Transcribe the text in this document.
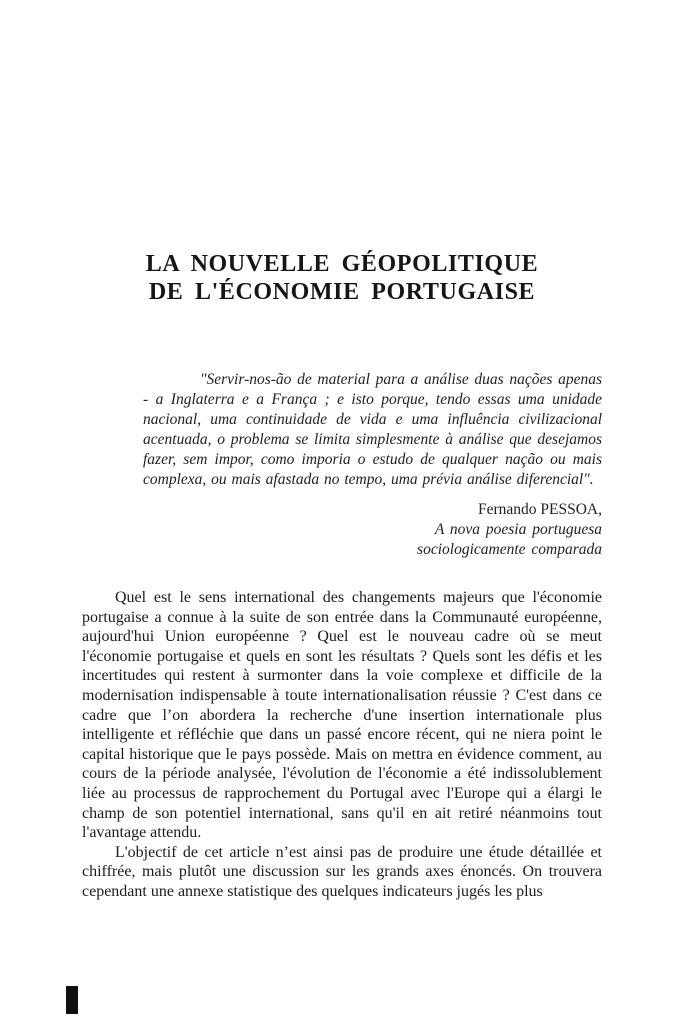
LA NOUVELLE GÉOPOLITIQUE
DE L'ÉCONOMIE PORTUGAISE

"Servir-nos-ão de material para a análise duas nações apenas - a Inglaterra e a França ; e isto porque, tendo essas uma unidade nacional, uma continuidade de vida e uma influência civilizacional acentuada, o problema se limita simplesmente à análise que desejamos fazer, sem impor, como imporia o estudo de qualquer nação ou mais complexa, ou mais afastada no tempo, uma prévia análise diferencial".

Fernando PESSOA,
A nova poesia portuguesa
sociologicamente comparada

Quel est le sens international des changements majeurs que l'économie portugaise a connue à la suite de son entrée dans la Communauté européenne, aujourd'hui Union européenne ? Quel est le nouveau cadre où se meut l'économie portugaise et quels en sont les résultats ? Quels sont les défis et les incertitudes qui restent à surmonter dans la voie complexe et difficile de la modernisation indispensable à toute internationalisation réussie ? C'est dans ce cadre que l’on abordera la recherche d'une insertion internationale plus intelligente et réfléchie que dans un passé encore récent, qui ne niera point le capital historique que le pays possède. Mais on mettra en évidence comment, au cours de la période analysée, l'évolution de l'économie a été indissolublement liée au processus de rapprochement du Portugal avec l'Europe qui a élargi le champ de son potentiel international, sans qu'il en ait retiré néanmoins tout l'avantage attendu.

L'objectif de cet article n’est ainsi pas de produire une étude détaillée et chiffrée, mais plutôt une discussion sur les grands axes énoncés. On trouvera cependant une annexe statistique des quelques indicateurs jugés les plus
